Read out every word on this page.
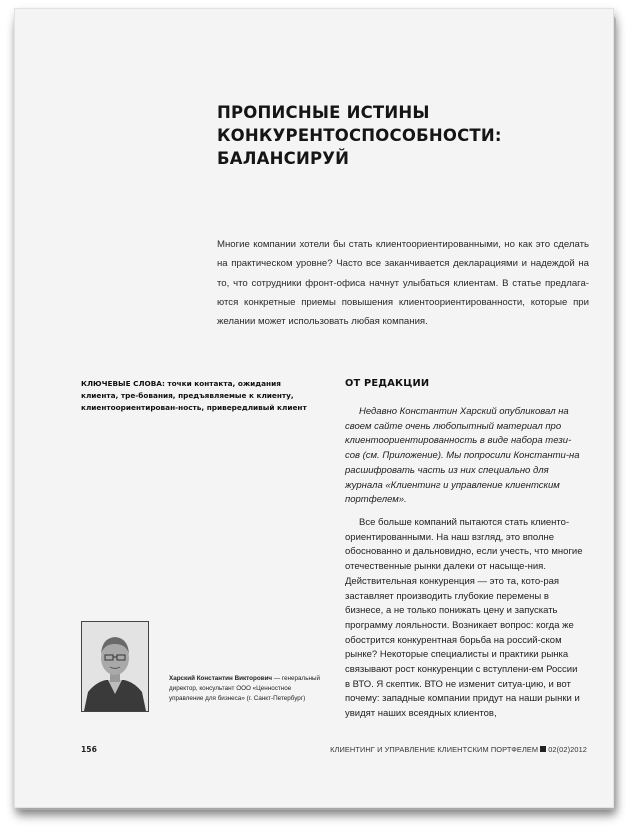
ПРОПИСНЫЕ ИСТИНЫ
КОНКУРЕНТОСПОСОБНОСТИ:
БАЛАНСИРУЙ
Многие компании хотели бы стать клиентоориентированными, но как это сделать на практическом уровне? Часто все заканчивается декларациями и надеждой на то, что сотрудники фронт-офиса начнут улыбаться клиентам. В статье предлага-ются конкретные приемы повышения клиентоориентированности, которые при желании может использовать любая компания.
КЛЮЧЕВЫЕ СЛОВА: точки контакта, ожидания клиента, тре-бования, предъявляемые к клиенту, клиентоориентирован-ность, привередливый клиент
ОТ РЕДАКЦИИ

Недавно Константин Харский опубликовал на своем сайте очень любопытный материал про клиентоориентированность в виде набора тези-сов (см. Приложение). Мы попросили Константи-на расшифровать часть из них специально для журнала «Клиентинг и управление клиентским портфелем».

Все больше компаний пытаются стать клиенто-ориентированными. На наш взгляд, это вполне обоснованно и дальновидно, если учесть, что многие отечественные рынки далеки от насыще-ния. Действительная конкуренция — это та, кото-рая заставляет производить глубокие перемены в бизнесе, а не только понижать цену и запускать программу лояльности. Возникает вопрос: когда же обострится конкурентная борьба на россий-ском рынке? Некоторые специалисты и практики рынка связывают рост конкуренции с вступлени-ем России в ВТО. Я скептик. ВТО не изменит ситуа-цию, и вот почему: западные компании придут на наши рынки и увидят наших всеядных клиентов,

Харский Константин Викторович — генеральный директор, консультант ООО «Ценностное управление для бизнеса» (г. Санкт-Петербург)
156	КЛИЕНТИНГ И УПРАВЛЕНИЕ КЛИЕНТСКИМ ПОРТФЕЛЕМ 02(02)2012
